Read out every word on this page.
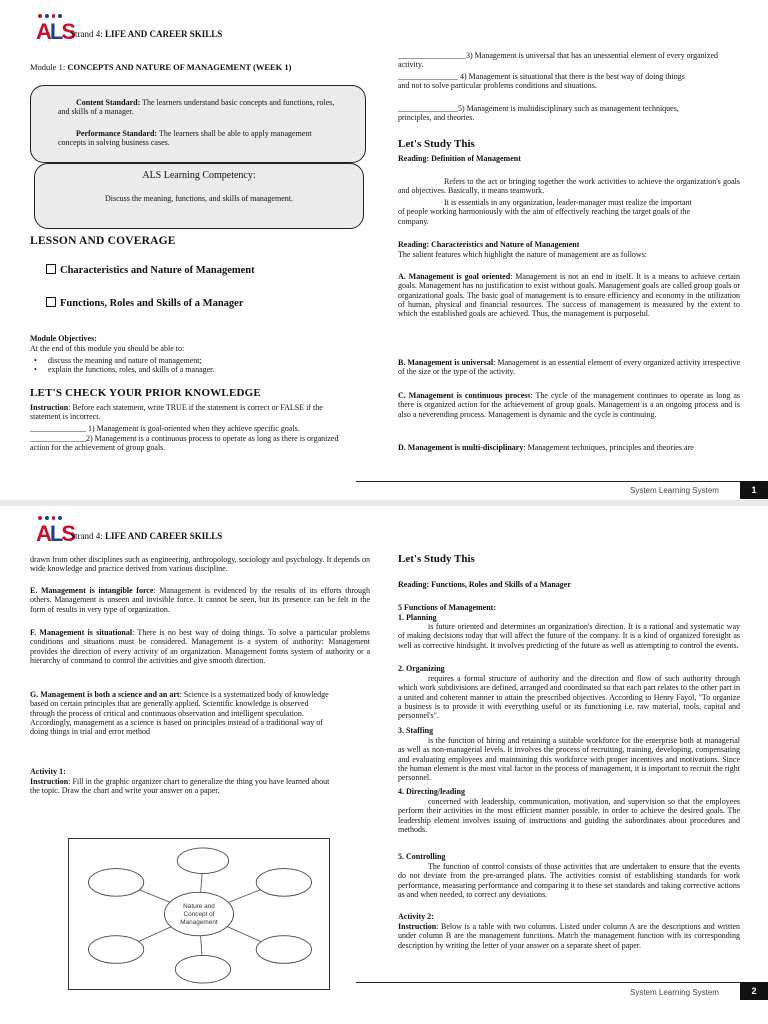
ALS
Strand 4: LIFE AND CAREER SKILLS
Module 1: CONCEPTS AND NATURE OF MANAGEMENT (WEEK 1)
Content Standard: The learners understand basic concepts and functions, roles, and skills of a manager.
Performance Standard: The learners shall be able to apply management concepts in solving business cases.
ALS Learning Competency:
Discuss the meaning, functions, and skills of management.
LESSON AND COVERAGE
Characteristics and Nature of Management
Functions, Roles and Skills of a Manager
Module Objectives:
At the end of this module you should be able to:
• discuss the meaning and nature of management;
• explain the functions, roles, and skills of a manager.
LET'S CHECK YOUR PRIOR KNOWLEDGE
Instruction: Before each statement, write TRUE if the statement is correct or FALSE if the statement is incorrect.
______________ 1) Management is goal-oriented when they achieve specific goals.
______________2) Management is a continuous process to operate as long as there is organized action for the achievement of group goals.
_________________3) Management is universal that has an unessential element of every organized activity.
_______________ 4) Management is situational that there is the best way of doing things and not to solve particular problems conditions and situations.
_______________5) Management is multidisciplinary such as management techniques, principles, and theories.
Let's Study This
Reading: Definition of Management
Refers to the act or bringing together the work activities to achieve the organization's goals and objectives. Basically, it means teamwork.
It is essentials in any organization, leader-manager must realize the important of people working harmoniously with the aim of effectively reaching the target goals of the company.
Reading: Characteristics and Nature of Management
The salient features which highlight the nature of management are as follows:
A. Management is goal oriented: Management is not an end in itself. It is a means to achieve certain goals. Management has no justification to exist without goals. Management goals are called group goals or organizational goals. The basic goal of management is to ensure efficiency and economy in the utilization of human, physical and financial resources. The success of management is measured by the extent to which the established goals are achieved. Thus, the management is purposeful.
B. Management is universal: Management is an essential element of every organized activity irrespective of the size or the type of the activity.
C. Management is continuous process: The cycle of the management continues to operate as long as there is organized action for the achievement of group goals. Management is a an ongoing process and is also a neverending process. Management is dynamic and the cycle is continuing.
D. Management is multi-disciplinary: Management techniques, principles and theories are
System Learning System	1
ALS
Strand 4: LIFE AND CAREER SKILLS
drawn from other disciplines such as engineering, anthropology, sociology and psychology. It depends on wide knowledge and practice derived from various discipline.
E. Management is intangible force: Management is evidenced by the results of its efforts through others. Management is unseen and invisible force. It cannot be seen, but its presence can be felt in the form of results in very type of organization.
F. Management is situational: There is no best way of doing things. To solve a particular problems conditions and situations must be considered. Management is a system of authority: Management provides the direction of every activity of an organization. Management forms system of authority or a hierarchy of command to control the activities and give smooth direction.
G. Management is both a science and an art: Science is a systematized body of knowledge based on certain principles that are generally applied. Scientific knowledge is observed through the process of critical and continuous observation and intelligent speculation. Accordingly, management as a science is based on principles instead of a traditional way of doing things in trial and error method
Activity 1:
Instruction: Fill in the graphic organizer chart to generalize the thing you have learned about the topic. Draw the chart and write your answer on a paper.
Nature and
Concept of
Management
Let's Study This
Reading: Functions, Roles and Skills of a Manager
5 Functions of Management:
1. Planning
is future oriented and determines an organization's direction. It is a rational and systematic way of making decisions today that will affect the future of the company. It is a kind of organized foresight as well as corrective hindsight. It involves predicting of the future as well as attempting to control the events.
2. Organizing
requires a formal structure of authority and the direction and flow of such authority through which work subdivisions are defined, arranged and coordinated so that each part relates to the other part in a united and coherent manner to attain the prescribed objectives. According to Henry Fayol, "To organize a business is to provide it with everything useful or its functioning i.e. raw material, tools, capital and personnel's".
3. Staffing
is the function of hiring and retaining a suitable workforce for the enterprise both at managerial as well as non-managerial levels. It involves the process of recruiting, training, developing, compensating and evaluating employees and maintaining this workforce with proper incentives and motivations. Since the human element is the most vital factor in the process of management, it is important to recruit the right personnel.
4. Directing/leading
concerned with leadership, communication, motivation, and supervision so that the employees perform their activities in the most efficient manner possible, in order to achieve the desired goals. The leadership element involves issuing of instructions and guiding the subordinates about procedures and methods.
5. Controlling
The function of control consists of those activities that are undertaken to ensure that the events do not deviate from the pre-arranged plans. The activities consist of establishing standards for work performance, measuring performance and comparing it to these set standards and taking corrective actions as and when needed, to correct any deviations.
Activity 2:
Instruction: Below is a table with two columns. Listed under column A are the descriptions and written under column B are the management functions. Match the management function with its corresponding description by writing the letter of your answer on a separate sheet of paper.
System Learning System	2
